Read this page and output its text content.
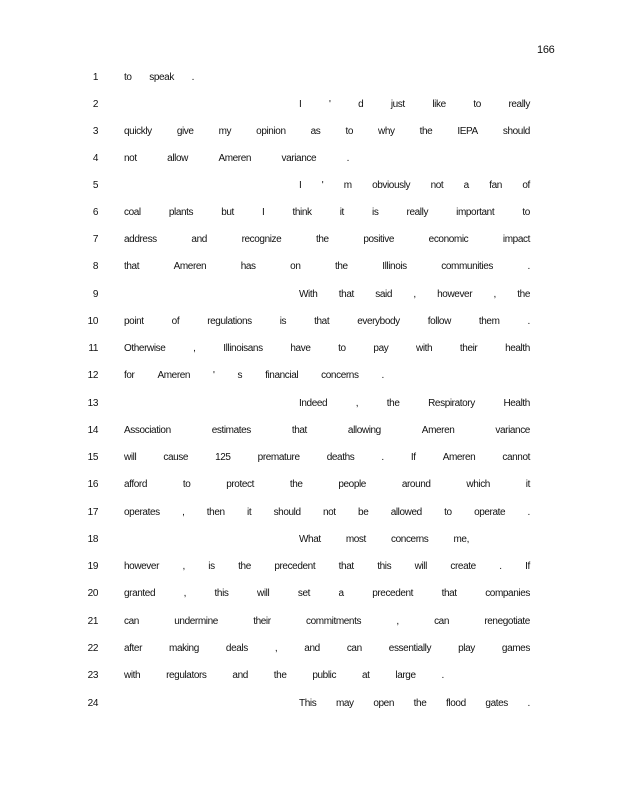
166
1	to speak .
2	I	'	d	just	like	to	really
3	quickly	give	my	opinion	as	to	why	the	IEPA	should
4	not	allow	Ameren	variance	.
5	I ' m obviously not a fan of
6	coal	plants	but	I	think	it	is	really	important	to
7	address	and	recognize	the	positive	economic	impact
8	that	Ameren	has	on	the	Illinois	communities	.
9	With that said , however , the
10	point	of	regulations	is	that	everybody	follow	them	.
11	Otherwise	,	Illinoisans	have	to	pay	with	their	health
12	for Ameren ' s financial concerns .
13	Indeed	,	the	Respiratory	Health
14	Association	estimates	that	allowing	Ameren	variance
15	will	cause	125	premature	deaths	.	If	Ameren	cannot
16	afford	to	protect	the	people	around	which	it
17	operates , then it should not be allowed to operate .
18	What	most	concerns	me,
19	however , is the precedent that this will create . If
20	granted	,	this	will	set	a	precedent	that	companies
21	can	undermine	their	commitments	,	can	renegotiate
22	after	making	deals	,	and	can	essentially	play	games
23	with	regulators	and	the	public	at	large	.
24	This may open the flood gates .
